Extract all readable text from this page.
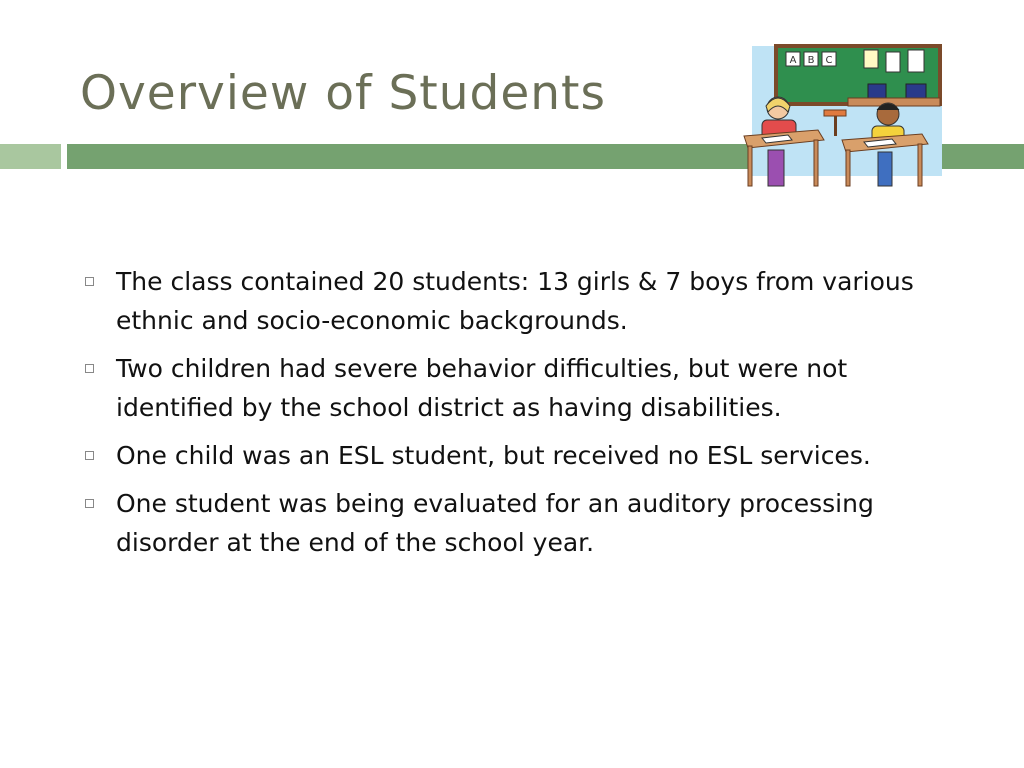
Overview of Students
A B C
The class contained 20 students: 13 girls & 7 boys from various ethnic and socio-economic backgrounds.
Two children had severe behavior difficulties, but were not identified by the school district as having disabilities.
One child was an ESL student, but received no ESL services.
One student was being evaluated for an auditory processing disorder at the end of the school year.
